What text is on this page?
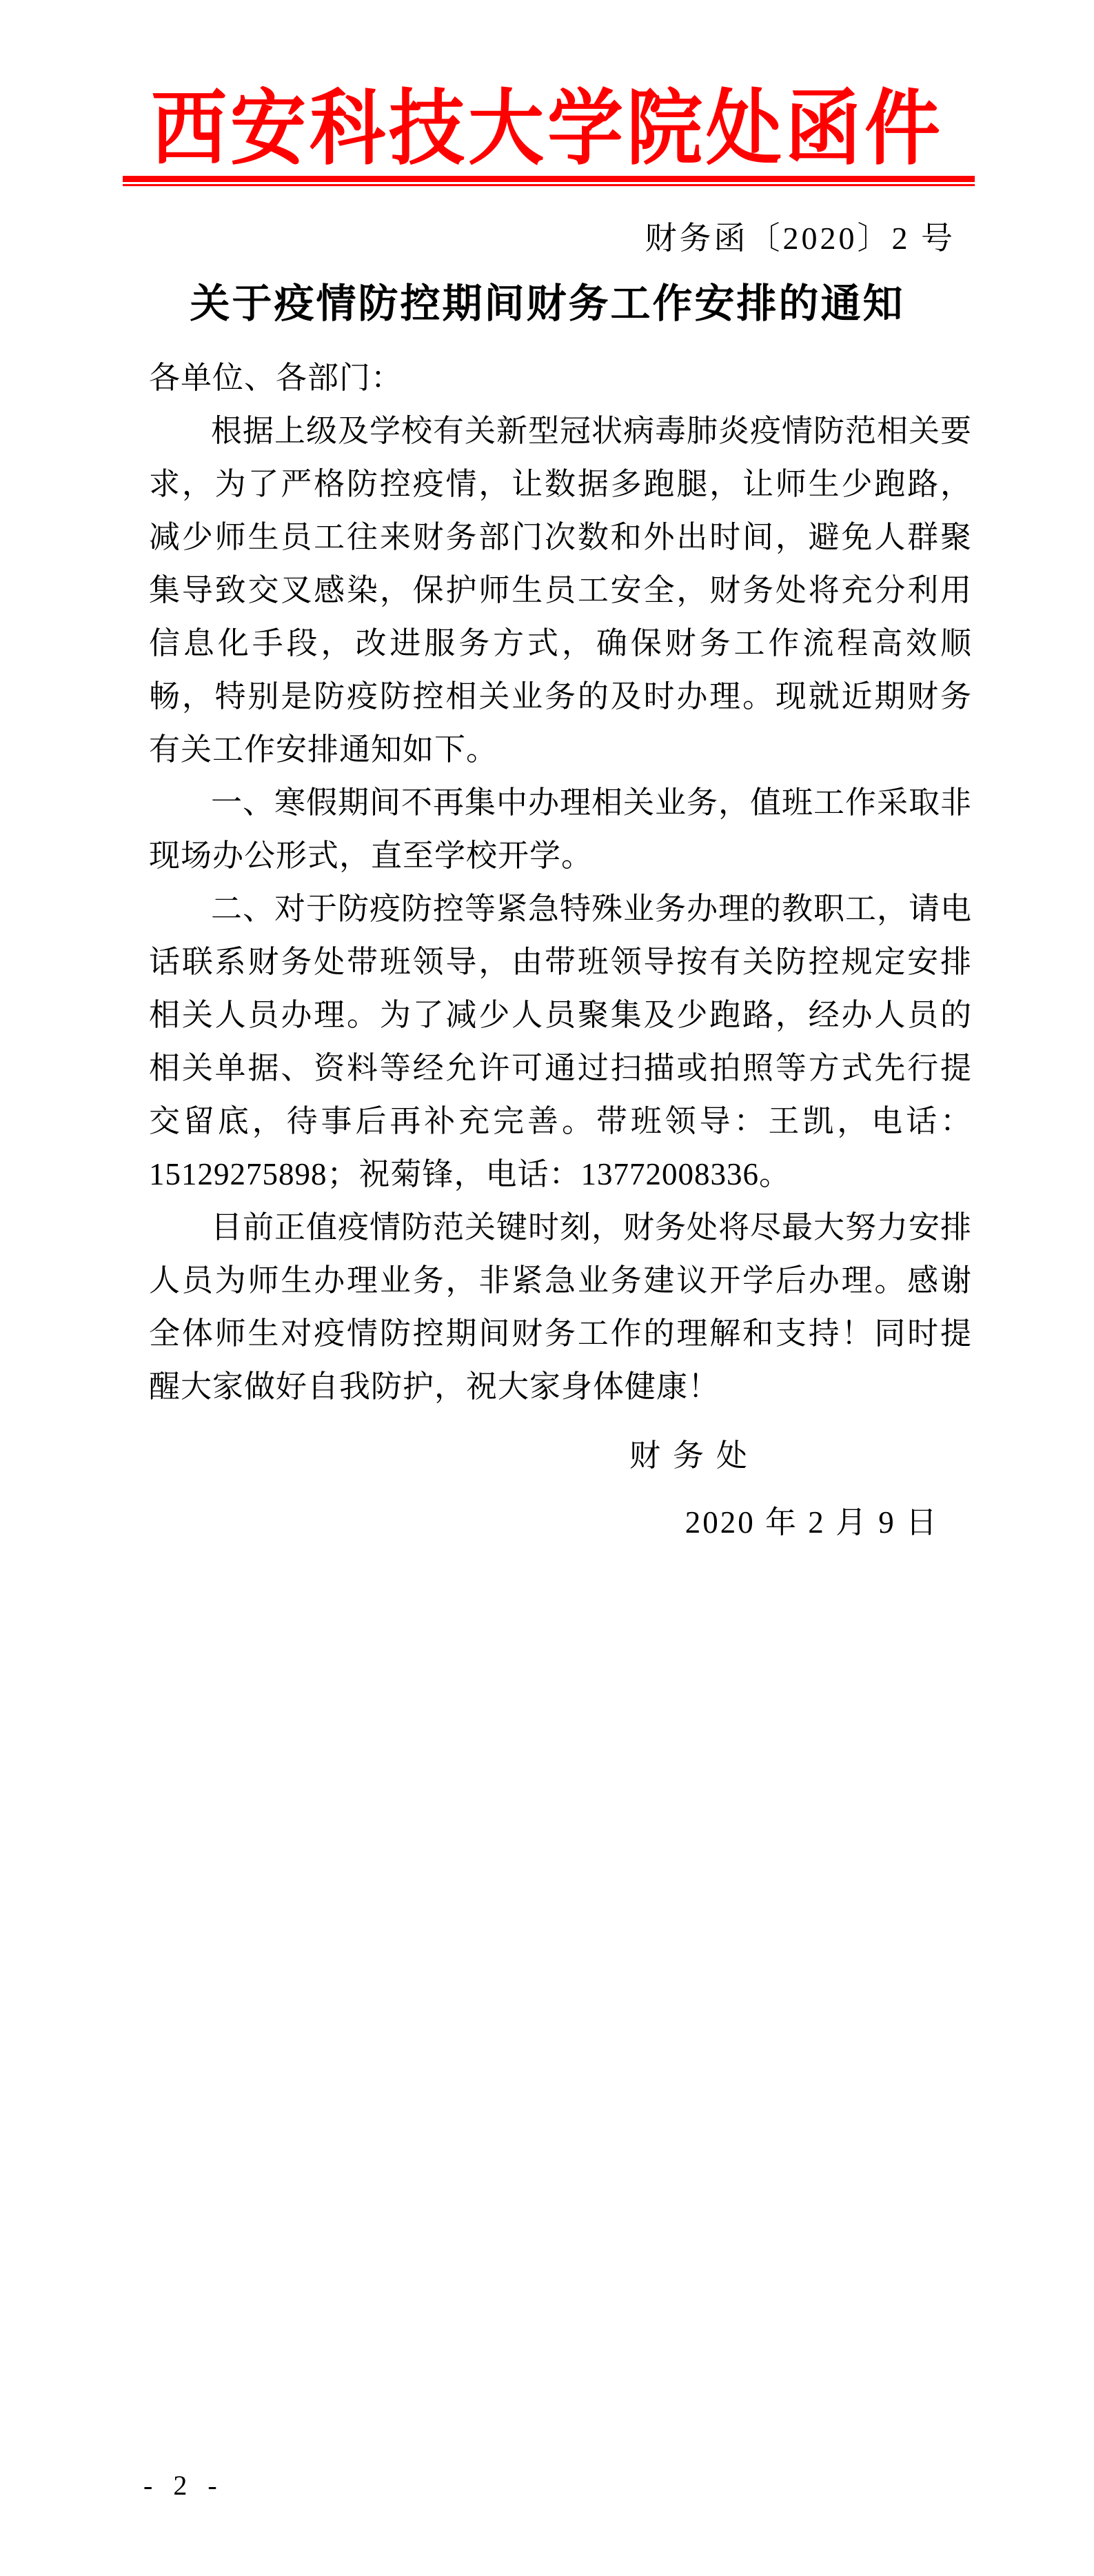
西安科技大学院处函件
财务函〔2020〕2 号
关于疫情防控期间财务工作安排的通知

各单位、各部门：

根据上级及学校有关新型冠状病毒肺炎疫情防范相关要求，为了严格防控疫情，让数据多跑腿，让师生少跑路，减少师生员工往来财务部门次数和外出时间，避免人群聚集导致交叉感染，保护师生员工安全，财务处将充分利用信息化手段，改进服务方式，确保财务工作流程高效顺畅，特别是防疫防控相关业务的及时办理。现就近期财务有关工作安排通知如下。

一、寒假期间不再集中办理相关业务，值班工作采取非现场办公形式，直至学校开学。

二、对于防疫防控等紧急特殊业务办理的教职工，请电话联系财务处带班领导，由带班领导按有关防控规定安排相关人员办理。为了减少人员聚集及少跑路，经办人员的相关单据、资料等经允许可通过扫描或拍照等方式先行提交留底，待事后再补充完善。带班领导：王凯，电话：15129275898；祝菊锋，电话：13772008336。

目前正值疫情防范关键时刻，财务处将尽最大努力安排人员为师生办理业务，非紧急业务建议开学后办理。感谢全体师生对疫情防控期间财务工作的理解和支持！同时提醒大家做好自我防护，祝大家身体健康！

财务处
2020 年 2 月 9 日
- 2 -
